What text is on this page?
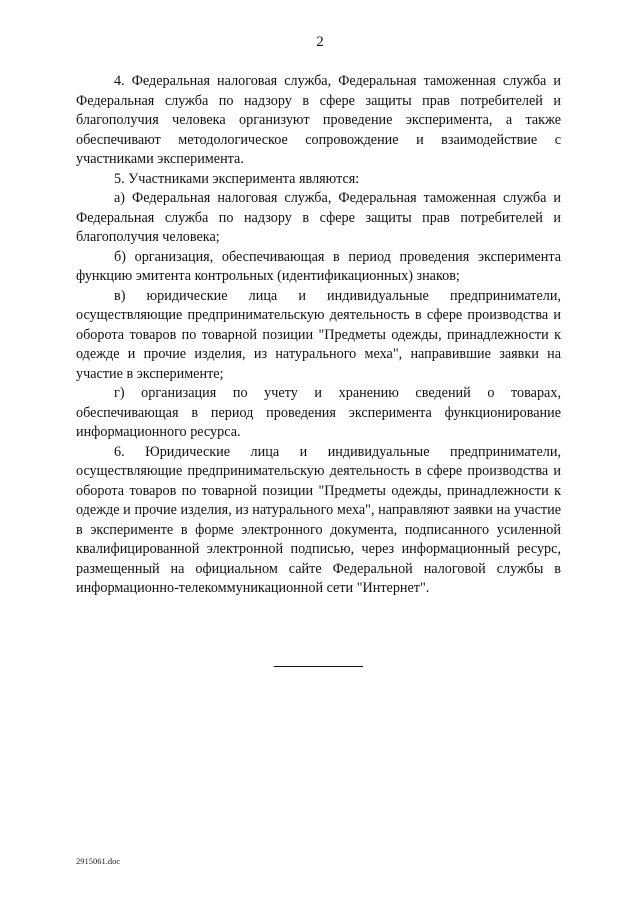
2

4. Федеральная налоговая служба, Федеральная таможенная служба и Федеральная служба по надзору в сфере защиты прав потребителей и благополучия человека организуют проведение эксперимента, а также обеспечивают методологическое сопровождение и взаимодействие с участниками эксперимента.

5. Участниками эксперимента являются:

а) Федеральная налоговая служба, Федеральная таможенная служба и Федеральная служба по надзору в сфере защиты прав потребителей и благополучия человека;

б) организация, обеспечивающая в период проведения эксперимента функцию эмитента контрольных (идентификационных) знаков;

в) юридические лица и индивидуальные предприниматели, осуществляющие предпринимательскую деятельность в сфере производства и оборота товаров по товарной позиции "Предметы одежды, принадлежности к одежде и прочие изделия, из натурального меха", направившие заявки на участие в эксперименте;

г) организация по учету и хранению сведений о товарах, обеспечивающая в период проведения эксперимента функционирование информационного ресурса.

6. Юридические лица и индивидуальные предприниматели, осуществляющие предпринимательскую деятельность в сфере производства и оборота товаров по товарной позиции "Предметы одежды, принадлежности к одежде и прочие изделия, из натурального меха", направляют заявки на участие в эксперименте в форме электронного документа, подписанного усиленной квалифицированной электронной подписью, через информационный ресурс, размещенный на официальном сайте Федеральной налоговой службы в информационно-телекоммуникационной сети "Интернет".

2915061.doc
